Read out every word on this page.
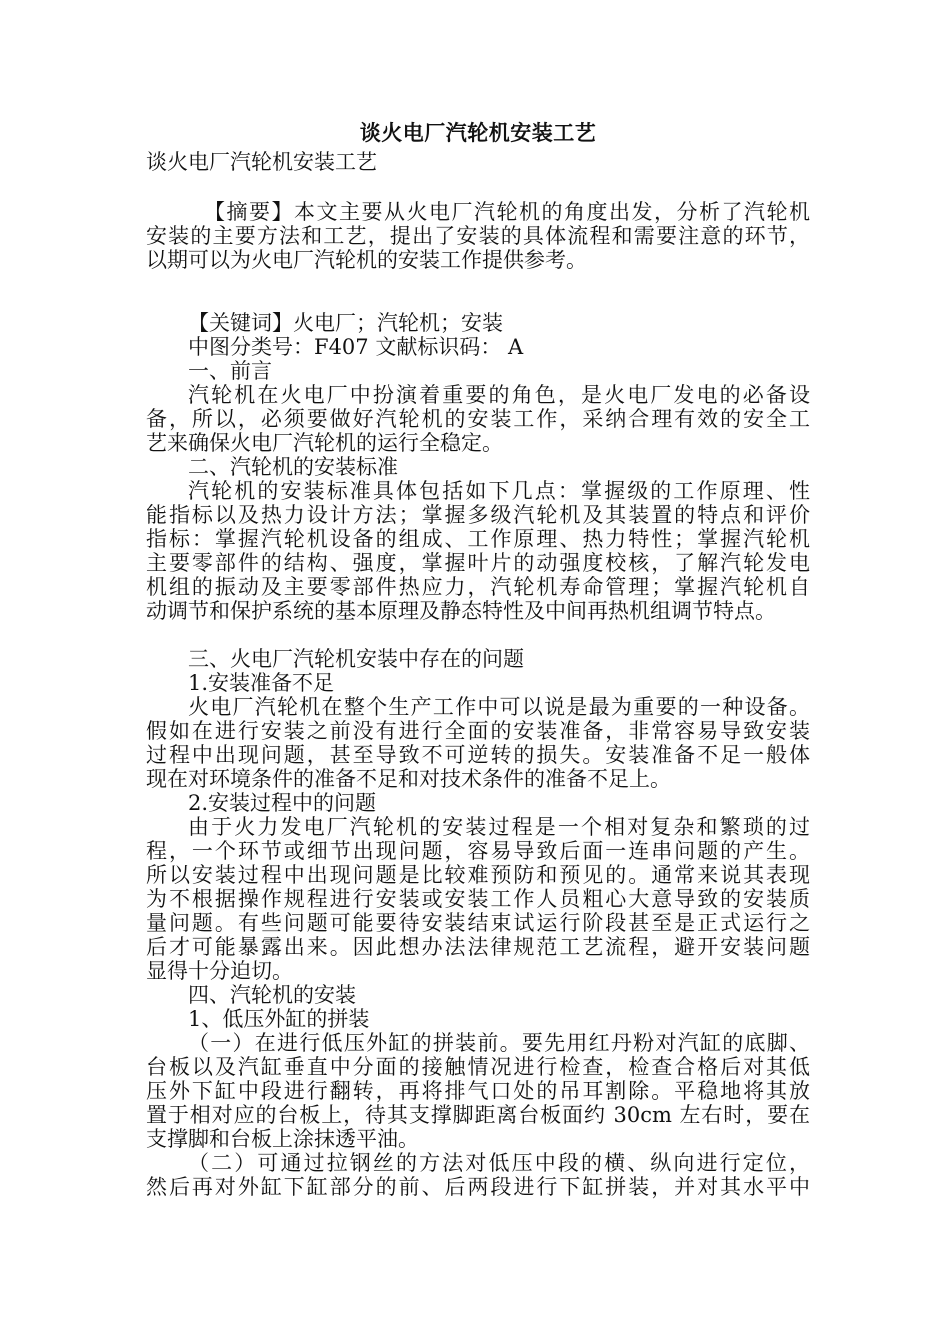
谈火电厂汽轮机安装工艺
谈火电厂汽轮机安装工艺
【摘要】本文主要从火电厂汽轮机的角度出发，分析了汽轮机
安装的主要方法和工艺，提出了安装的具体流程和需要注意的环节，
以期可以为火电厂汽轮机的安装工作提供参考。
【关键词】火电厂；汽轮机；安装
中图分类号：F407 文献标识码： A
一、前言
汽轮机在火电厂中扮演着重要的角色，是火电厂发电的必备设
备，所以，必须要做好汽轮机的安装工作，采纳合理有效的安全工
艺来确保火电厂汽轮机的运行全稳定。
二、汽轮机的安装标准
汽轮机的安装标准具体包括如下几点：掌握级的工作原理、性
能指标以及热力设计方法；掌握多级汽轮机及其装置的特点和评价
指标：掌握汽轮机设备的组成、工作原理、热力特性；掌握汽轮机
主要零部件的结构、强度，掌握叶片的动强度校核，了解汽轮发电
机组的振动及主要零部件热应力，汽轮机寿命管理；掌握汽轮机自
动调节和保护系统的基本原理及静态特性及中间再热机组调节特点。
三、火电厂汽轮机安装中存在的问题
1.安装准备不足
火电厂汽轮机在整个生产工作中可以说是最为重要的一种设备。
假如在进行安装之前没有进行全面的安装准备，非常容易导致安装
过程中出现问题，甚至导致不可逆转的损失。安装准备不足一般体
现在对环境条件的准备不足和对技术条件的准备不足上。
2.安装过程中的问题
由于火力发电厂汽轮机的安装过程是一个相对复杂和繁琐的过
程，一个环节或细节出现问题，容易导致后面一连串问题的产生。
所以安装过程中出现问题是比较难预防和预见的。通常来说其表现
为不根据操作规程进行安装或安装工作人员粗心大意导致的安装质
量问题。有些问题可能要待安装结束试运行阶段甚至是正式运行之
后才可能暴露出来。因此想办法法律规范工艺流程，避开安装问题
显得十分迫切。
四、汽轮机的安装
1、低压外缸的拼装
（一）在进行低压外缸的拼装前。要先用红丹粉对汽缸的底脚、
台板以及汽缸垂直中分面的接触情况进行检查，检查合格后对其低
压外下缸中段进行翻转，再将排气口处的吊耳割除。平稳地将其放
置于相对应的台板上，待其支撑脚距离台板面约 30cm 左右时，要在
支撑脚和台板上涂抹透平油。
（二）可通过拉钢丝的方法对低压中段的横、纵向进行定位，
然后再对外缸下缸部分的前、后两段进行下缸拼装，并对其水平中
